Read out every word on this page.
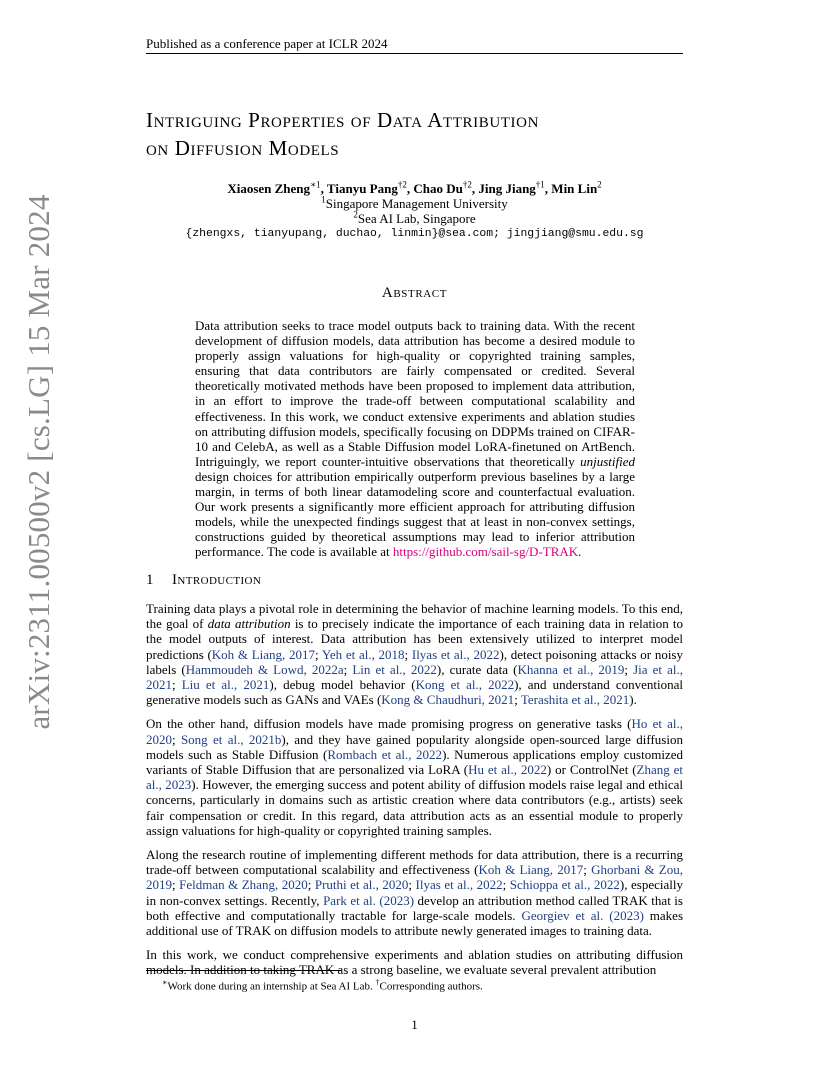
Published as a conference paper at ICLR 2024
arXiv:2311.00500v2 [cs.LG] 15 Mar 2024
Intriguing Properties of Data Attribution
on Diffusion Models
Xiaosen Zheng$^{∗1}$, Tianyu Pang$^{\dagger 2}$, Chao Du$^{\dagger 2}$, Jing Jiang$^{\dagger 1}$, Min Lin$^2$
$^1$Singapore Management University
$^2$Sea AI Lab, Singapore
{zhengxs, tianyupang, duchao, linmin}@sea.com; jingjiang@smu.edu.sg
Abstract
Data attribution seeks to trace model outputs back to training data. With the recent development of diffusion models, data attribution has become a desired module to properly assign valuations for high-quality or copyrighted training samples, ensuring that data contributors are fairly compensated or credited. Several theoretically motivated methods have been proposed to implement data attribution, in an effort to improve the trade-off between computational scalability and effectiveness. In this work, we conduct extensive experiments and ablation studies on attributing diffusion models, specifically focusing on DDPMs trained on CIFAR-10 and CelebA, as well as a Stable Diffusion model LoRA-finetuned on ArtBench. Intriguingly, we report counter-intuitive observations that theoretically unjustified design choices for attribution empirically outperform previous baselines by a large margin, in terms of both linear datamodeling score and counterfactual evaluation. Our work presents a significantly more efficient approach for attributing diffusion models, while the unexpected findings suggest that at least in non-convex settings, constructions guided by theoretical assumptions may lead to inferior attribution performance. The code is available at https://github.com/sail-sg/D-TRAK.
1 Introduction

Training data plays a pivotal role in determining the behavior of machine learning models. To this end, the goal of data attribution is to precisely indicate the importance of each training data in relation to the model outputs of interest. Data attribution has been extensively utilized to interpret model predictions (Koh & Liang, 2017; Yeh et al., 2018; Ilyas et al., 2022), detect poisoning attacks or noisy labels (Hammoudeh & Lowd, 2022a; Lin et al., 2022), curate data (Khanna et al., 2019; Jia et al., 2021; Liu et al., 2021), debug model behavior (Kong et al., 2022), and understand conventional generative models such as GANs and VAEs (Kong & Chaudhuri, 2021; Terashita et al., 2021).

On the other hand, diffusion models have made promising progress on generative tasks (Ho et al., 2020; Song et al., 2021b), and they have gained popularity alongside open-sourced large diffusion models such as Stable Diffusion (Rombach et al., 2022). Numerous applications employ customized variants of Stable Diffusion that are personalized via LoRA (Hu et al., 2022) or ControlNet (Zhang et al., 2023). However, the emerging success and potent ability of diffusion models raise legal and ethical concerns, particularly in domains such as artistic creation where data contributors (e.g., artists) seek fair compensation or credit. In this regard, data attribution acts as an essential module to properly assign valuations for high-quality or copyrighted training samples.

Along the research routine of implementing different methods for data attribution, there is a recurring trade-off between computational scalability and effectiveness (Koh & Liang, 2017; Ghorbani & Zou, 2019; Feldman & Zhang, 2020; Pruthi et al., 2020; Ilyas et al., 2022; Schioppa et al., 2022), especially in non-convex settings. Recently, Park et al. (2023) develop an attribution method called TRAK that is both effective and computationally tractable for large-scale models. Georgiev et al. (2023) makes additional use of TRAK on diffusion models to attribute newly generated images to training data.

In this work, we conduct comprehensive experiments and ablation studies on attributing diffusion models. In addition to taking TRAK as a strong baseline, we evaluate several prevalent attribution

∗Work done during an internship at Sea AI Lab. †Corresponding authors.
1
